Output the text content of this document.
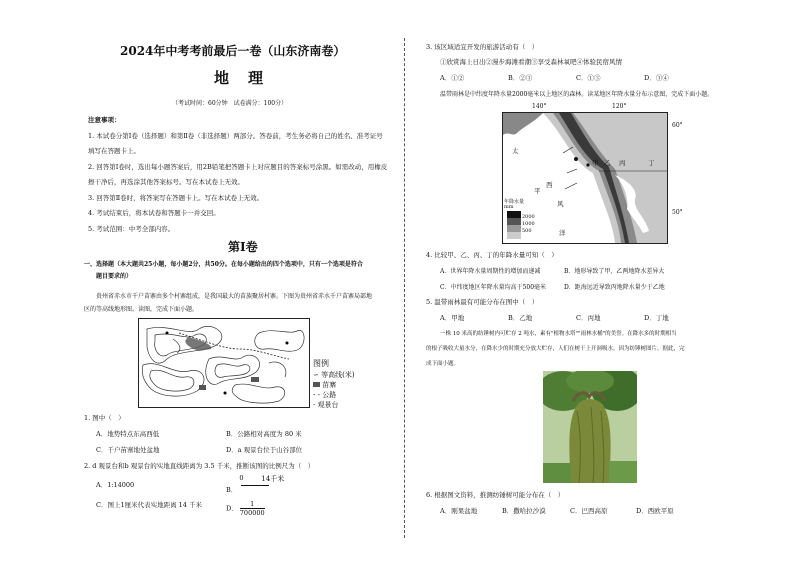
2024年中考考前最后一卷（山东济南卷）
地　理
（考试时间：60分钟　试卷满分：100分）
注意事项：
1. 本试卷分第Ⅰ卷（选择题）和第Ⅱ卷（非选择题）两部分。答卷前，考生务必将自己的姓名、准考证号
填写在答题卡上。
2. 回答第Ⅰ卷时，选出每小题答案后，用2B铅笔把答题卡上对应题目的答案标号涂黑。如需改动，用橡皮
擦干净后，再选涂其他答案标号。写在本试卷上无效。
3. 回答第Ⅱ卷时，将答案写在答题卡上。写在本试卷上无效。
4. 考试结束后，将本试卷和答题卡一并交回。
5. 考试范围：中考全部内容。
第Ⅰ卷
一、选择题（本大题共25小题，每小题2分，共50分。在每小题给出的四个选项中，只有一个选项是符合
题目要求的）
贵州省赤水市千户苗寨由多个村寨组成，是我国最大的苗族聚居村寨。下图为贵州省赤水千户苗寨局部地
区的等高线地形图。读图，完成下面小题。
图例
∽ 等高线(米)
苗寨
- - 公路
· 观景台
1. 图中（　）
A．地势特点东高西低	B．公路相对高度为 80 米
C．千户苗寨地处盆地	D．a 观景台位于山谷部位
2. d 观景台和b 观景台的实地直线距离为 3.5 千米，推断该图的比例尺为（　）
A．1:14000
B．
0	14千米
C．图上1厘米代表实地距离 14 千米	D． $\frac{1}{700000}$
3. 该区域适宜开发的旅游活动有（　）
①欣赏海上日出②漫步海滩看潮③享受森林氧吧④体验民宿风情
A．①②	B．②③	C．①③	D．③④
温带雨林是中纬度年降水量2000毫米以上地区的森林。读某地区年降水量分布示意图，完成下面小题。
140°	120°
60°
50°
太
平
洋
西
风
甲 乙 丙	丁
年降水量
mm
2000
1000
500
4. 比较甲、乙、丙、丁的年降水量可知（　）
A．世界年降水量周期性的增加而递减	B．地形导致了甲、乙两地降水差异大
C．中纬度地区年降水量均高于500毫米	D．距海远近导致丙地降水量少于乙地
5. 温带雨林最有可能分布在图中（　）
A．甲地	B．乙地	C．丙地	D．丁地
一株 10 米高的纺锤树内可贮存 2 吨水，素有"植物水塔""雨林水桶"的美誉。在降水多的时期相当
的根子吸收大量水分，在降水少的时期充分放大贮存，人们在树干上开洞吸水。因为纺锤树图片。据此，完
成下面小题。
6. 根据图文资料，推测纺锤树可能分布在（　）
A．刚果盆地	B．撒哈拉沙漠	C．巴西高原	D．西欧平原
